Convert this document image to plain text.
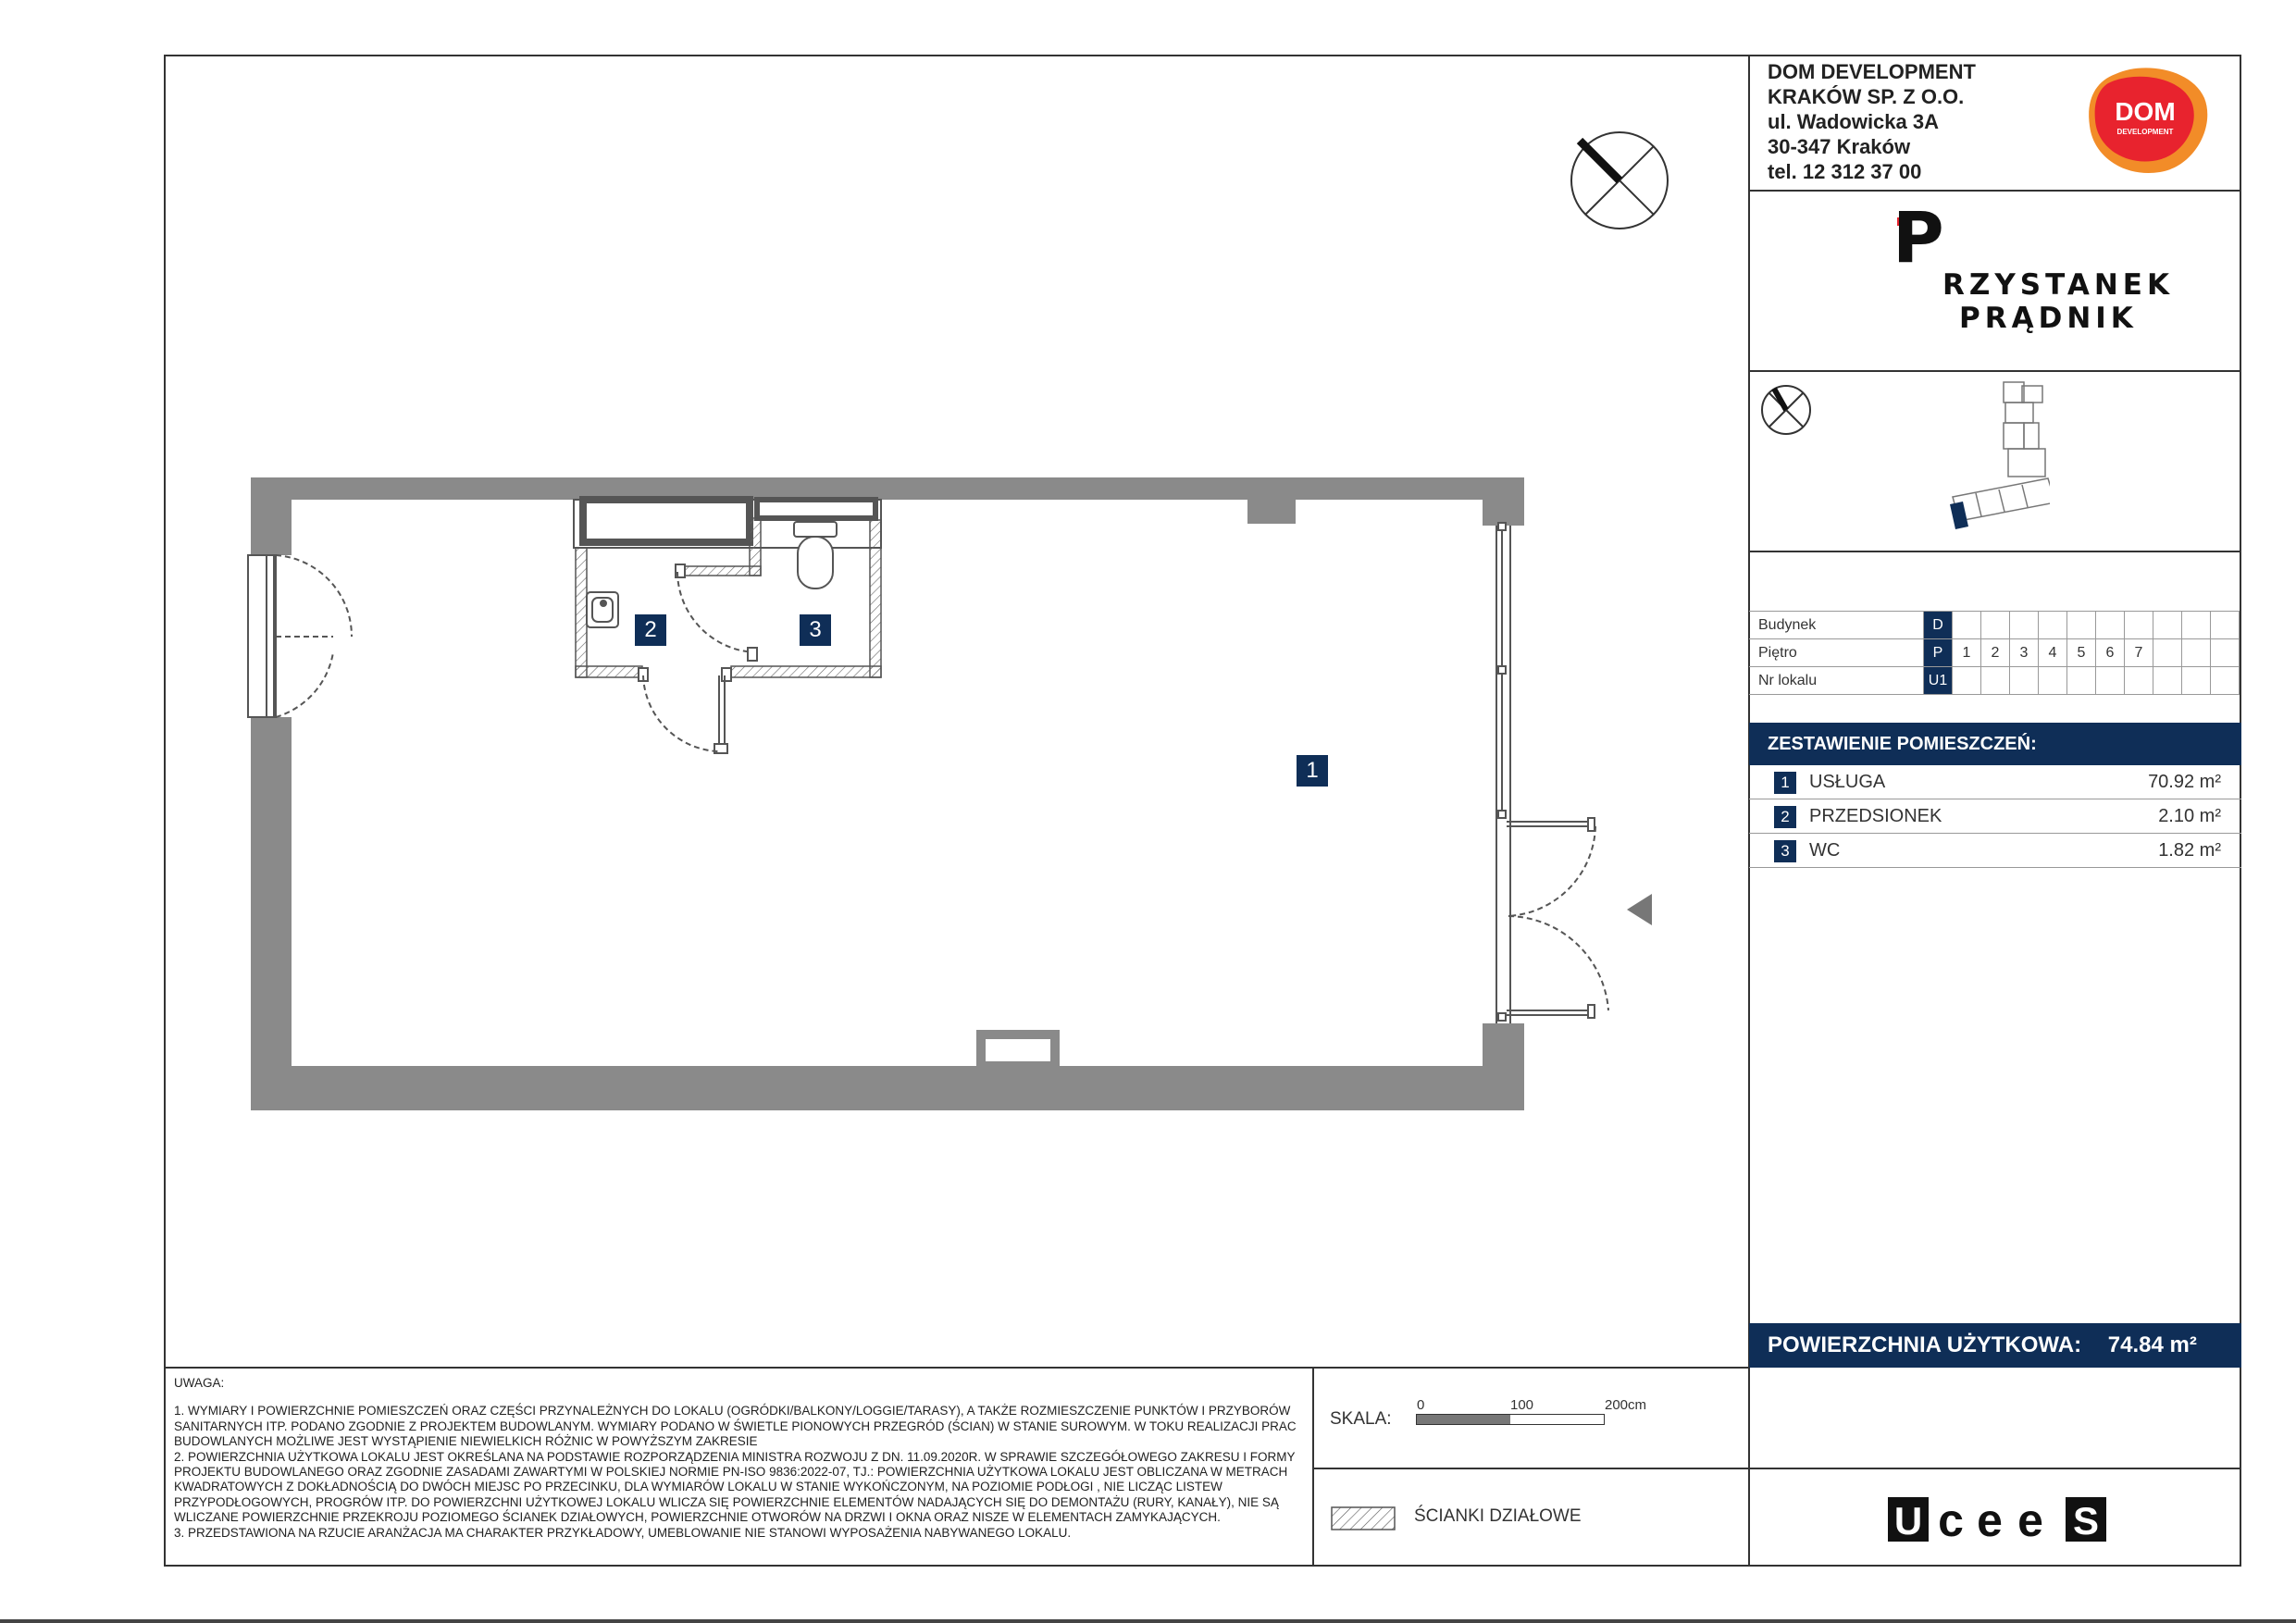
DOM DEVELOPMENT
KRAKÓW SP. Z O.O.
ul. Wadowicka 3A
30-347 Kraków
tel. 12 312 37 00
DOM
DEVELOPMENT
P
RZYSTANEK
PRĄDNIK
Budynek	D										
Piętro	P	1	2	3	4	5	6	7			
Nr lokalu	U1										
ZESTAWIENIE POMIESZCZEŃ:
1	USŁUGA	70.92 m²
2	PRZEDSIONEK	2.10 m²
3	WC	1.82 m²
POWIERZCHNIA UŻYTKOWA: 74.84 m²

UWAGA:

1. WYMIARY I POWIERZCHNIE POMIESZCZEŃ ORAZ CZĘŚCI PRZYNALEŻNYCH DO LOKALU (OGRÓDKI/BALKONY/LOGGIE/TARASY), A TAKŻE ROZMIESZCZENIE PUNKTÓW I PRZYBORÓW SANITARNYCH ITP. PODANO ZGODNIE Z PROJEKTEM BUDOWLANYM. WYMIARY PODANO W ŚWIETLE PIONOWYCH PRZEGRÓD (ŚCIAN) W STANIE SUROWYM. W TOKU REALIZACJI PRAC BUDOWLANYCH MOŻLIWE JEST WYSTĄPIENIE NIEWIELKICH RÓŻNIC W POWYŻSZYM ZAKRESIE

2. POWIERZCHNIA UŻYTKOWA LOKALU JEST OKREŚLANA NA PODSTAWIE ROZPORZĄDZENIA MINISTRA ROZWOJU Z DN. 11.09.2020R. W SPRAWIE SZCZEGÓŁOWEGO ZAKRESU I FORMY PROJEKTU BUDOWLANEGO ORAZ ZGODNIE ZASADAMI ZAWARTYMI W POLSKIEJ NORMIE PN-ISO 9836:2022-07, TJ.: POWIERZCHNIA UŻYTKOWA LOKALU JEST OBLICZANA W METRACH KWADRATOWYCH Z DOKŁADNOŚCIĄ DO DWÓCH MIEJSC PO PRZECINKU, DLA WYMIARÓW LOKALU W STANIE WYKOŃCZONYM, NA POZIOMIE PODŁOGI , NIE LICZĄC LISTEW PRZYPODŁOGOWYCH, PROGRÓW ITP. DO POWIERZCHNI UŻYTKOWEJ LOKALU WLICZA SIĘ POWIERZCHNIE ELEMENTÓW NADAJĄCYCH SIĘ DO DEMONTAŻU (RURY, KANAŁY), NIE SĄ WLICZANE POWIERZCHNIE PRZEKROJU POZIOMEGO ŚCIANEK DZIAŁOWYCH, POWIERZCHNIE OTWORÓW NA DRZWI I OKNA ORAZ NISZE W ELEMENTACH ZAMYKAJĄCYCH.

3. PRZEDSTAWIONA NA RZUCIE ARANŻACJA MA CHARAKTER PRZYKŁADOWY, UMEBLOWANIE NIE STANOWI WYPOSAŻENIA NABYWANEGO LOKALU.

SKALA:
0	100	200cm
ŚCIANKI DZIAŁOWE	U c e e S
1
2	3
